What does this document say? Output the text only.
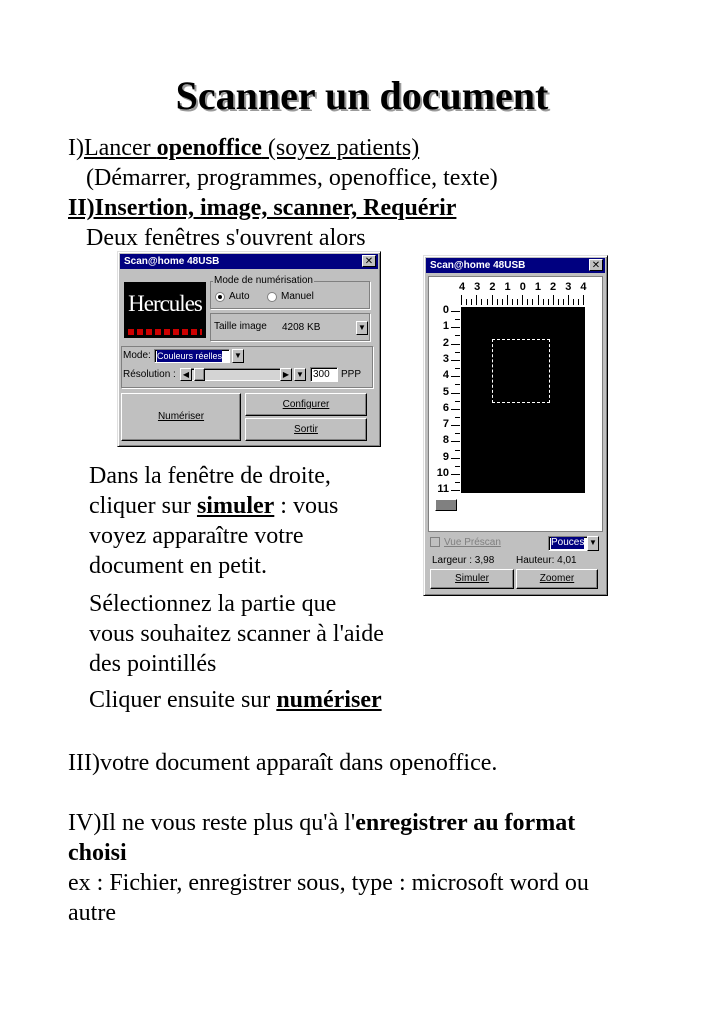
Scanner un document
I)Lancer openoffice (soyez patients)
(Démarrer, programmes, openoffice, texte)
II)Insertion, image, scanner, Requérir
Deux fenêtres s'ouvrent alors
Scan@home 48USB	✕
Hercules
Mode de numérisation
Auto	Manuel
Taille image 4208 KB	▼
Mode: Couleurs réelles	▼
Résolution : ◀	▶ ▼ 300	PPP
Numériser
Configurer
Sortir
Scan@home 48USB	✕
4 3 2 1 0 1 2 3 4
0
1
2
3
4
5
6
7
8
9
10
11
Vue Préscan	Pouces ▼
Largeur : 3,98 Hauteur: 4,01
Simuler	Zoomer
Dans la fenêtre de droite,
cliquer sur simuler : vous
voyez apparaître votre
document en petit.
Sélectionnez la partie que
vous souhaitez scanner à l'aide
des pointillés
Cliquer ensuite sur numériser
III)votre document apparaît dans openoffice.
IV)Il ne vous reste plus qu'à l'enregistrer au format
choisi
ex : Fichier, enregistrer sous, type : microsoft word ou
autre
